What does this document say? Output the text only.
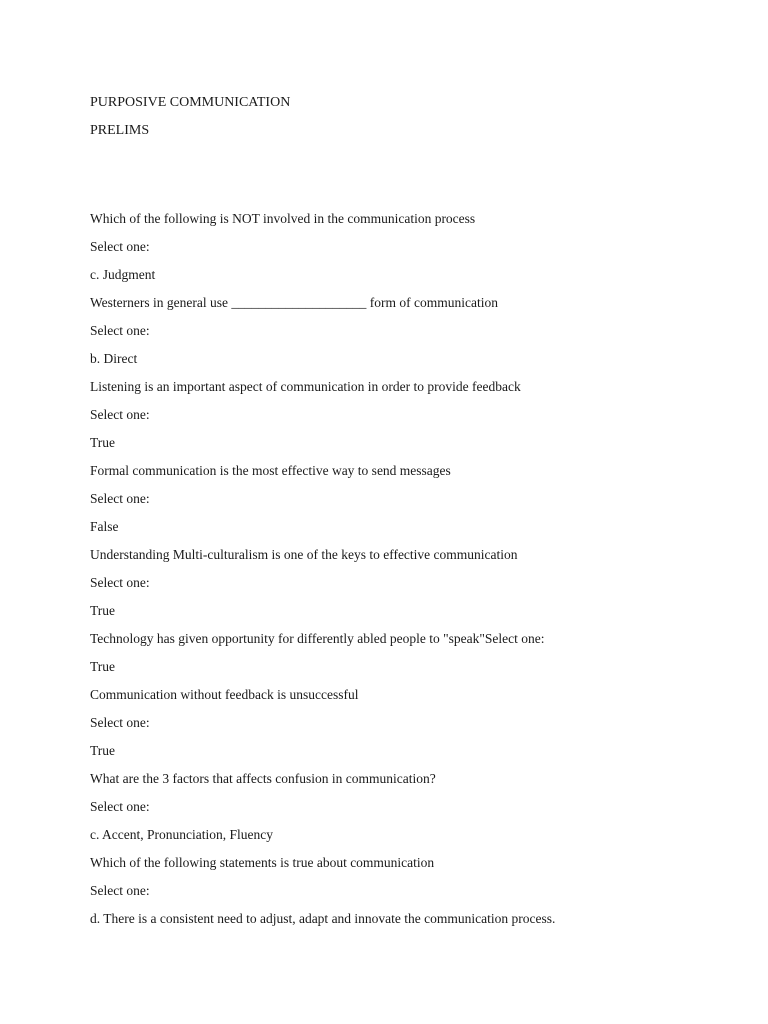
PURPOSIVE COMMUNICATION
PRELIMS
Which of the following is NOT involved in the communication process
Select one:
c. Judgment
Westerners in general use ____________________ form of communication
Select one:
b. Direct
Listening is an important aspect of communication in order to provide feedback
Select one:
True
Formal communication is the most effective way to send messages
Select one:
False
Understanding Multi-culturalism is one of the keys to effective communication
Select one:
True
Technology has given opportunity for differently abled people to "speak"Select one:
True
Communication without feedback is unsuccessful
Select one:
True
What are the 3 factors that affects confusion in communication?
Select one:
c. Accent, Pronunciation, Fluency
Which of the following statements is true about communication
Select one:
d. There is a consistent need to adjust, adapt and innovate the communication process.
